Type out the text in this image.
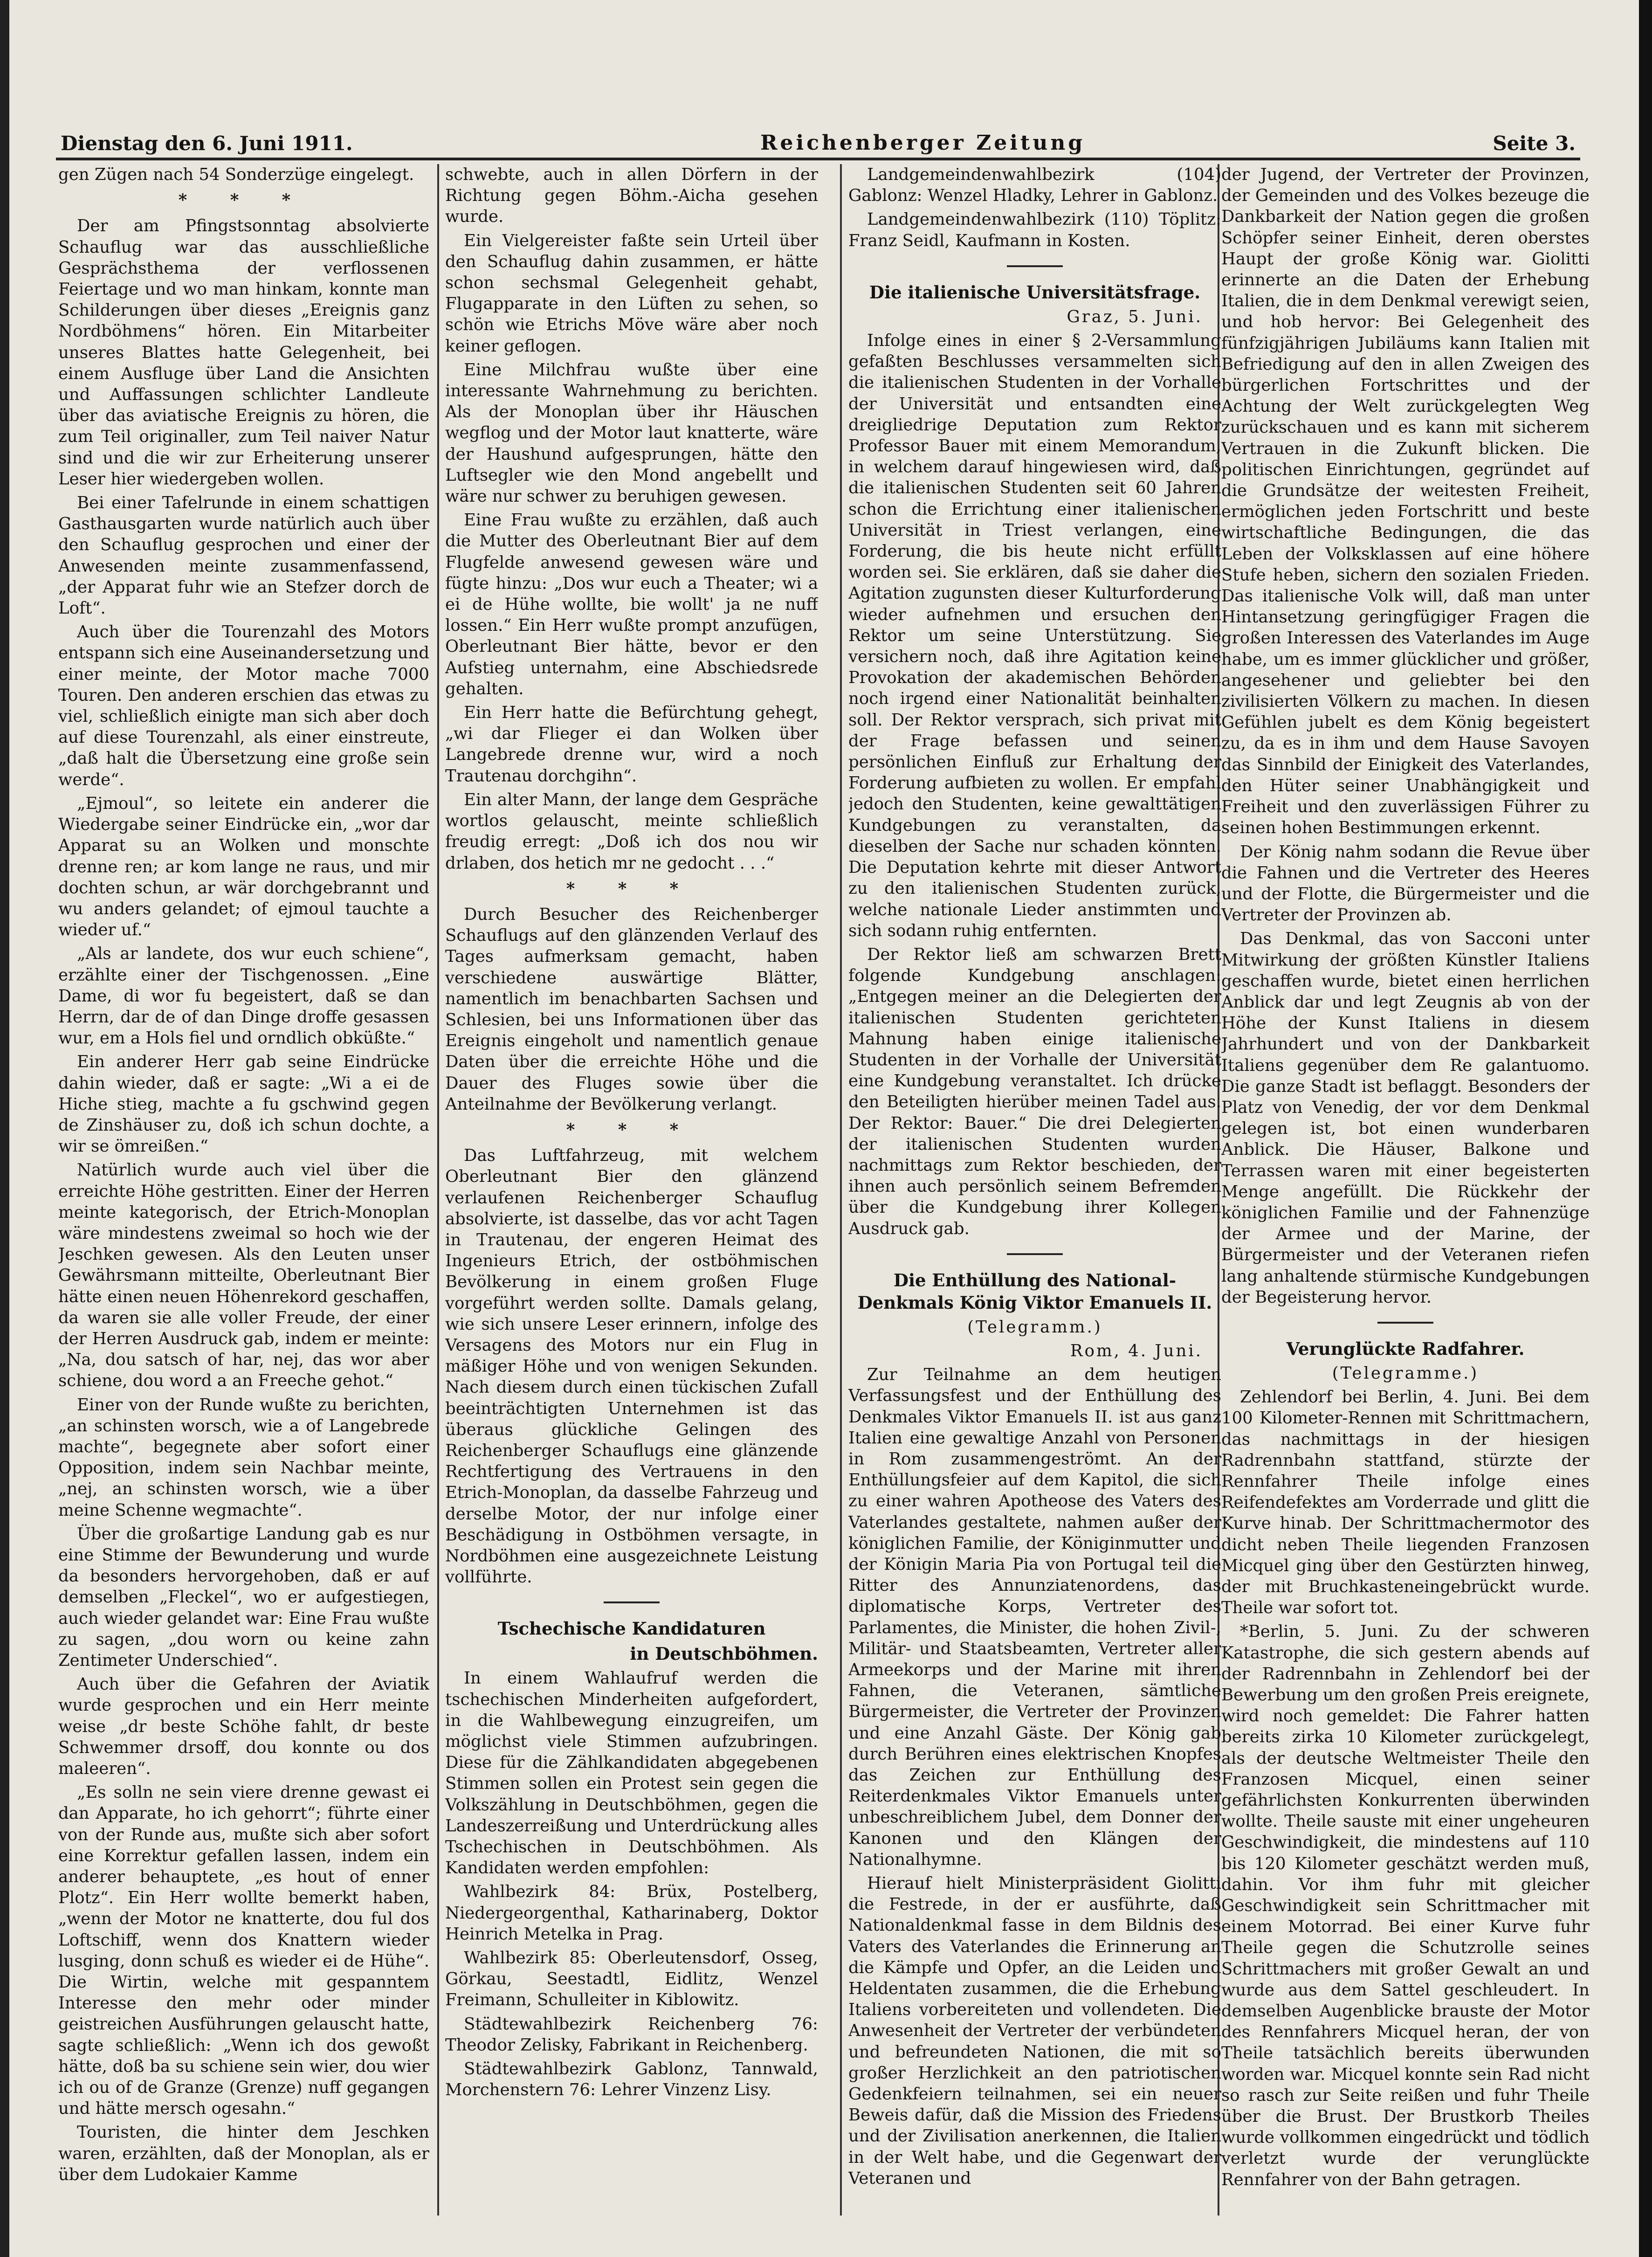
Dienstag den 6. Juni 1911.	Reichenberger Zeitung	Seite 3.

gen Zügen nach 54 Sonderzüge eingelegt.

* * *

Der am Pfingstsonntag absolvierte Schauflug war das ausschließliche Gesprächsthema der verflossenen Feiertage und wo man hinkam, konnte man Schilderungen über dieses „Ereignis ganz Nordböhmens“ hören. Ein Mitarbeiter unseres Blattes hatte Gelegenheit, bei einem Ausfluge über Land die Ansichten und Auffassungen schlichter Landleute über das aviatische Ereignis zu hören, die zum Teil originaller, zum Teil naiver Natur sind und die wir zur Erheiterung unserer Leser hier wiedergeben wollen.

Bei einer Tafelrunde in einem schattigen Gasthausgarten wurde natürlich auch über den Schauflug gesprochen und einer der Anwesenden meinte zusammenfassend, „der Apparat fuhr wie an Stefzer dorch de Loft“.

Auch über die Tourenzahl des Motors entspann sich eine Auseinandersetzung und einer meinte, der Motor mache 7000 Touren. Den anderen erschien das etwas zu viel, schließlich einigte man sich aber doch auf diese Tourenzahl, als einer einstreute, „daß halt die Übersetzung eine große sein werde“.

„Ejmoul“, so leitete ein anderer die Wiedergabe seiner Eindrücke ein, „wor dar Apparat su an Wolken und monschte drenne ren; ar kom lange ne raus, und mir dochten schun, ar wär dorchgebrannt und wu anders gelandet; of ejmoul tauchte a wieder uf.“

„Als ar landete, dos wur euch schiene“, erzählte einer der Tischgenossen. „Eine Dame, di wor fu begeistert, daß se dan Herrn, dar de of dan Dinge droffe gesassen wur, em a Hols fiel und orndlich obküßte.“

Ein anderer Herr gab seine Eindrücke dahin wieder, daß er sagte: „Wi a ei de Hiche stieg, machte a fu gschwind gegen de Zinshäuser zu, doß ich schun dochte, a wir se ömreißen.“

Natürlich wurde auch viel über die erreichte Höhe gestritten. Einer der Herren meinte kategorisch, der Etrich-Monoplan wäre mindestens zweimal so hoch wie der Jeschken gewesen. Als den Leuten unser Gewährsmann mitteilte, Oberleutnant Bier hätte einen neuen Höhenrekord geschaffen, da waren sie alle voller Freude, der einer der Herren Ausdruck gab, indem er meinte: „Na, dou satsch of har, nej, das wor aber schiene, dou word a an Freeche gehot.“

Einer von der Runde wußte zu berichten, „an schinsten worsch, wie a of Langebrede machte“, begegnete aber sofort einer Opposition, indem sein Nachbar meinte, „nej, an schinsten worsch, wie a über meine Schenne wegmachte“.

Über die großartige Landung gab es nur eine Stimme der Bewunderung und wurde da besonders hervorgehoben, daß er auf demselben „Fleckel“, wo er aufgestiegen, auch wieder gelandet war: Eine Frau wußte zu sagen, „dou worn ou keine zahn Zentimeter Underschied“.

Auch über die Gefahren der Aviatik wurde gesprochen und ein Herr meinte weise „dr beste Schöhe fahlt, dr beste Schwemmer drsoff, dou konnte ou dos maleeren“.

„Es solln ne sein viere drenne gewast ei dan Apparate, ho ich gehorrt“; führte einer von der Runde aus, mußte sich aber sofort eine Korrektur gefallen lassen, indem ein anderer behauptete, „es hout of enner Plotz“. Ein Herr wollte bemerkt haben, „wenn der Motor ne knatterte, dou ful dos Loftschiff, wenn dos Knattern wieder lusging, donn schuß es wieder ei de Hühe“. Die Wirtin, welche mit gespanntem Interesse den mehr oder minder geistreichen Ausführungen gelauscht hatte, sagte schließlich: „Wenn ich dos gewoßt hätte, doß ba su schiene sein wier, dou wier ich ou of de Granze (Grenze) nuff gegangen und hätte mersch ogesahn.“

Touristen, die hinter dem Jeschken waren, erzählten, daß der Monoplan, als er über dem Ludokaier Kamme

schwebte, auch in allen Dörfern in der Richtung gegen Böhm.-Aicha gesehen wurde.

Ein Vielgereister faßte sein Urteil über den Schauflug dahin zusammen, er hätte schon sechsmal Gelegenheit gehabt, Flugapparate in den Lüften zu sehen, so schön wie Etrichs Möve wäre aber noch keiner geflogen.

Eine Milchfrau wußte über eine interessante Wahrnehmung zu berichten. Als der Monoplan über ihr Häuschen wegflog und der Motor laut knatterte, wäre der Haushund aufgesprungen, hätte den Luftsegler wie den Mond angebellt und wäre nur schwer zu beruhigen gewesen.

Eine Frau wußte zu erzählen, daß auch die Mutter des Oberleutnant Bier auf dem Flugfelde anwesend gewesen wäre und fügte hinzu: „Dos wur euch a Theater; wi a ei de Hühe wollte, bie wollt' ja ne nuff lossen.“ Ein Herr wußte prompt anzufügen, Oberleutnant Bier hätte, bevor er den Aufstieg unternahm, eine Abschiedsrede gehalten.

Ein Herr hatte die Befürchtung gehegt, „wi dar Flieger ei dan Wolken über Langebrede drenne wur, wird a noch Trautenau dorchgihn“.

Ein alter Mann, der lange dem Gespräche wortlos gelauscht, meinte schließlich freudig erregt: „Doß ich dos nou wir drlaben, dos hetich mr ne gedocht . . .“

* * *

Durch Besucher des Reichenberger Schauflugs auf den glänzenden Verlauf des Tages aufmerksam gemacht, haben verschiedene auswärtige Blätter, namentlich im benachbarten Sachsen und Schlesien, bei uns Informationen über das Ereignis eingeholt und namentlich genaue Daten über die erreichte Höhe und die Dauer des Fluges sowie über die Anteilnahme der Bevölkerung verlangt.

* * *

Das Luftfahrzeug, mit welchem Oberleutnant Bier den glänzend verlaufenen Reichenberger Schauflug absolvierte, ist dasselbe, das vor acht Tagen in Trautenau, der engeren Heimat des Ingenieurs Etrich, der ostböhmischen Bevölkerung in einem großen Fluge vorgeführt werden sollte. Damals gelang, wie sich unsere Leser erinnern, infolge des Versagens des Motors nur ein Flug in mäßiger Höhe und von wenigen Sekunden. Nach diesem durch einen tückischen Zufall beeinträchtigten Unternehmen ist das überaus glückliche Gelingen des Reichenberger Schauflugs eine glänzende Rechtfertigung des Vertrauens in den Etrich-Monoplan, da dasselbe Fahrzeug und derselbe Motor, der nur infolge einer Beschädigung in Ostböhmen versagte, in Nordböhmen eine ausgezeichnete Leistung vollführte.

Tschechische Kandidaturen

in Deutschböhmen.

In einem Wahlaufruf werden die tschechischen Minderheiten aufgefordert, in die Wahlbewegung einzugreifen, um möglichst viele Stimmen aufzubringen. Diese für die Zählkandidaten abgegebenen Stimmen sollen ein Protest sein gegen die Volkszählung in Deutschböhmen, gegen die Landeszerreißung und Unterdrückung alles Tschechischen in Deutschböhmen. Als Kandidaten werden empfohlen:

Wahlbezirk 84: Brüx, Postelberg, Niedergeorgenthal, Katharinaberg, Doktor Heinrich Metelka in Prag.

Wahlbezirk 85: Oberleutensdorf, Osseg, Görkau, Seestadtl, Eidlitz, Wenzel Freimann, Schulleiter in Kiblowitz.

Städtewahlbezirk Reichenberg 76: Theodor Zelisky, Fabrikant in Reichenberg.

Städtewahlbezirk Gablonz, Tannwald, Morchenstern 76: Lehrer Vinzenz Lisy.

Landgemeindenwahlbezirk (104) Gablonz: Wenzel Hladky, Lehrer in Gablonz.

Landgemeindenwahlbezirk (110) Töplitz: Franz Seidl, Kaufmann in Kosten.

Die italienische Universitätsfrage.

Graz, 5. Juni.

Infolge eines in einer § 2-Versammlung gefaßten Beschlusses versammelten sich die italienischen Studenten in der Vorhalle der Universität und entsandten eine dreigliedrige Deputation zum Rektor Professor Bauer mit einem Memorandum, in welchem darauf hingewiesen wird, daß die italienischen Studenten seit 60 Jahren schon die Errichtung einer italienischen Universität in Triest verlangen, eine Forderung, die bis heute nicht erfüllt worden sei. Sie erklären, daß sie daher die Agitation zugunsten dieser Kulturforderung wieder aufnehmen und ersuchen den Rektor um seine Unterstützung. Sie versichern noch, daß ihre Agitation keine Provokation der akademischen Behörden noch irgend einer Nationalität beinhalten soll. Der Rektor versprach, sich privat mit der Frage befassen und seinen persönlichen Einfluß zur Erhaltung der Forderung aufbieten zu wollen. Er empfahl jedoch den Studenten, keine gewalttätigen Kundgebungen zu veranstalten, da dieselben der Sache nur schaden könnten. Die Deputation kehrte mit dieser Antwort zu den italienischen Studenten zurück, welche nationale Lieder anstimmten und sich sodann ruhig entfernten.

Der Rektor ließ am schwarzen Brett folgende Kundgebung anschlagen: „Entgegen meiner an die Delegierten der italienischen Studenten gerichteten Mahnung haben einige italienische Studenten in der Vorhalle der Universität eine Kundgebung veranstaltet. Ich drücke den Beteiligten hierüber meinen Tadel aus. Der Rektor: Bauer.“ Die drei Delegierten der italienischen Studenten wurden nachmittags zum Rektor beschieden, der ihnen auch persönlich seinem Befremden über die Kundgebung ihrer Kollegen Ausdruck gab.

Die Enthüllung des National-Denkmals König Viktor Emanuels II.

(Telegramm.)

Rom, 4. Juni.

Zur Teilnahme an dem heutigen Verfassungsfest und der Enthüllung des Denkmales Viktor Emanuels II. ist aus ganz Italien eine gewaltige Anzahl von Personen in Rom zusammengeströmt. An der Enthüllungsfeier auf dem Kapitol, die sich zu einer wahren Apotheose des Vaters des Vaterlandes gestaltete, nahmen außer der königlichen Familie, der Königinmutter und der Königin Maria Pia von Portugal teil die Ritter des Annunziatenordens, das diplomatische Korps, Vertreter des Parlamentes, die Minister, die hohen Zivil-, Militär- und Staatsbeamten, Vertreter aller Armeekorps und der Marine mit ihren Fahnen, die Veteranen, sämtliche Bürgermeister, die Vertreter der Provinzen und eine Anzahl Gäste. Der König gab durch Berühren eines elektrischen Knopfes das Zeichen zur Enthüllung des Reiterdenkmales Viktor Emanuels unter unbeschreiblichem Jubel, dem Donner der Kanonen und den Klängen der Nationalhymne.

Hierauf hielt Ministerpräsident Giolitti die Festrede, in der er ausführte, daß Nationaldenkmal fasse in dem Bildnis des Vaters des Vaterlandes die Erinnerung an die Kämpfe und Opfer, an die Leiden und Heldentaten zusammen, die die Erhebung Italiens vorbereiteten und vollendeten. Die Anwesenheit der Vertreter der verbündeten und befreundeten Nationen, die mit so großer Herzlichkeit an den patriotischen Gedenkfeiern teilnahmen, sei ein neuer Beweis dafür, daß die Mission des Friedens und der Zivilisation anerkennen, die Italien in der Welt habe, und die Gegenwart der Veteranen und

der Jugend, der Vertreter der Provinzen, der Gemeinden und des Volkes bezeuge die Dankbarkeit der Nation gegen die großen Schöpfer seiner Einheit, deren oberstes Haupt der große König war. Giolitti erinnerte an die Daten der Erhebung Italien, die in dem Denkmal verewigt seien, und hob hervor: Bei Gelegenheit des fünfzigjährigen Jubiläums kann Italien mit Befriedigung auf den in allen Zweigen des bürgerlichen Fortschrittes und der Achtung der Welt zurückgelegten Weg zurückschauen und es kann mit sicherem Vertrauen in die Zukunft blicken. Die politischen Einrichtungen, gegründet auf die Grundsätze der weitesten Freiheit, ermöglichen jeden Fortschritt und beste wirtschaftliche Bedingungen, die das Leben der Volksklassen auf eine höhere Stufe heben, sichern den sozialen Frieden. Das italienische Volk will, daß man unter Hintansetzung geringfügiger Fragen die großen Interessen des Vaterlandes im Auge habe, um es immer glücklicher und größer, angesehener und geliebter bei den zivilisierten Völkern zu machen. In diesen Gefühlen jubelt es dem König begeistert zu, da es in ihm und dem Hause Savoyen das Sinnbild der Einigkeit des Vaterlandes, den Hüter seiner Unabhängigkeit und Freiheit und den zuverlässigen Führer zu seinen hohen Bestimmungen erkennt.

Der König nahm sodann die Revue über die Fahnen und die Vertreter des Heeres und der Flotte, die Bürgermeister und die Vertreter der Provinzen ab.

Das Denkmal, das von Sacconi unter Mitwirkung der größten Künstler Italiens geschaffen wurde, bietet einen herrlichen Anblick dar und legt Zeugnis ab von der Höhe der Kunst Italiens in diesem Jahrhundert und von der Dankbarkeit Italiens gegenüber dem Re galantuomo. Die ganze Stadt ist beflaggt. Besonders der Platz von Venedig, der vor dem Denkmal gelegen ist, bot einen wunderbaren Anblick. Die Häuser, Balkone und Terrassen waren mit einer begeisterten Menge angefüllt. Die Rückkehr der königlichen Familie und der Fahnenzüge der Armee und der Marine, der Bürgermeister und der Veteranen riefen lang anhaltende stürmische Kundgebungen der Begeisterung hervor.

Verunglückte Radfahrer.

(Telegramme.)

Zehlendorf bei Berlin, 4. Juni. Bei dem 100 Kilometer-Rennen mit Schrittmachern, das nachmittags in der hiesigen Radrennbahn stattfand, stürzte der Rennfahrer Theile infolge eines Reifendefektes am Vorderrade und glitt die Kurve hinab. Der Schrittmachermotor des dicht neben Theile liegenden Franzosen Micquel ging über den Gestürzten hinweg, der mit Bruchkasteneingebrückt wurde. Theile war sofort tot.

*Berlin, 5. Juni. Zu der schweren Katastrophe, die sich gestern abends auf der Radrennbahn in Zehlendorf bei der Bewerbung um den großen Preis ereignete, wird noch gemeldet: Die Fahrer hatten bereits zirka 10 Kilometer zurückgelegt, als der deutsche Weltmeister Theile den Franzosen Micquel, einen seiner gefährlichsten Konkurrenten überwinden wollte. Theile sauste mit einer ungeheuren Geschwindigkeit, die mindestens auf 110 bis 120 Kilometer geschätzt werden muß, dahin. Vor ihm fuhr mit gleicher Geschwindigkeit sein Schrittmacher mit einem Motorrad. Bei einer Kurve fuhr Theile gegen die Schutzrolle seines Schrittmachers mit großer Gewalt an und wurde aus dem Sattel geschleudert. In demselben Augenblicke brauste der Motor des Rennfahrers Micquel heran, der von Theile tatsächlich bereits überwunden worden war. Micquel konnte sein Rad nicht so rasch zur Seite reißen und fuhr Theile über die Brust. Der Brustkorb Theiles wurde vollkommen eingedrückt und tödlich verletzt wurde der verunglückte Rennfahrer von der Bahn getragen.
